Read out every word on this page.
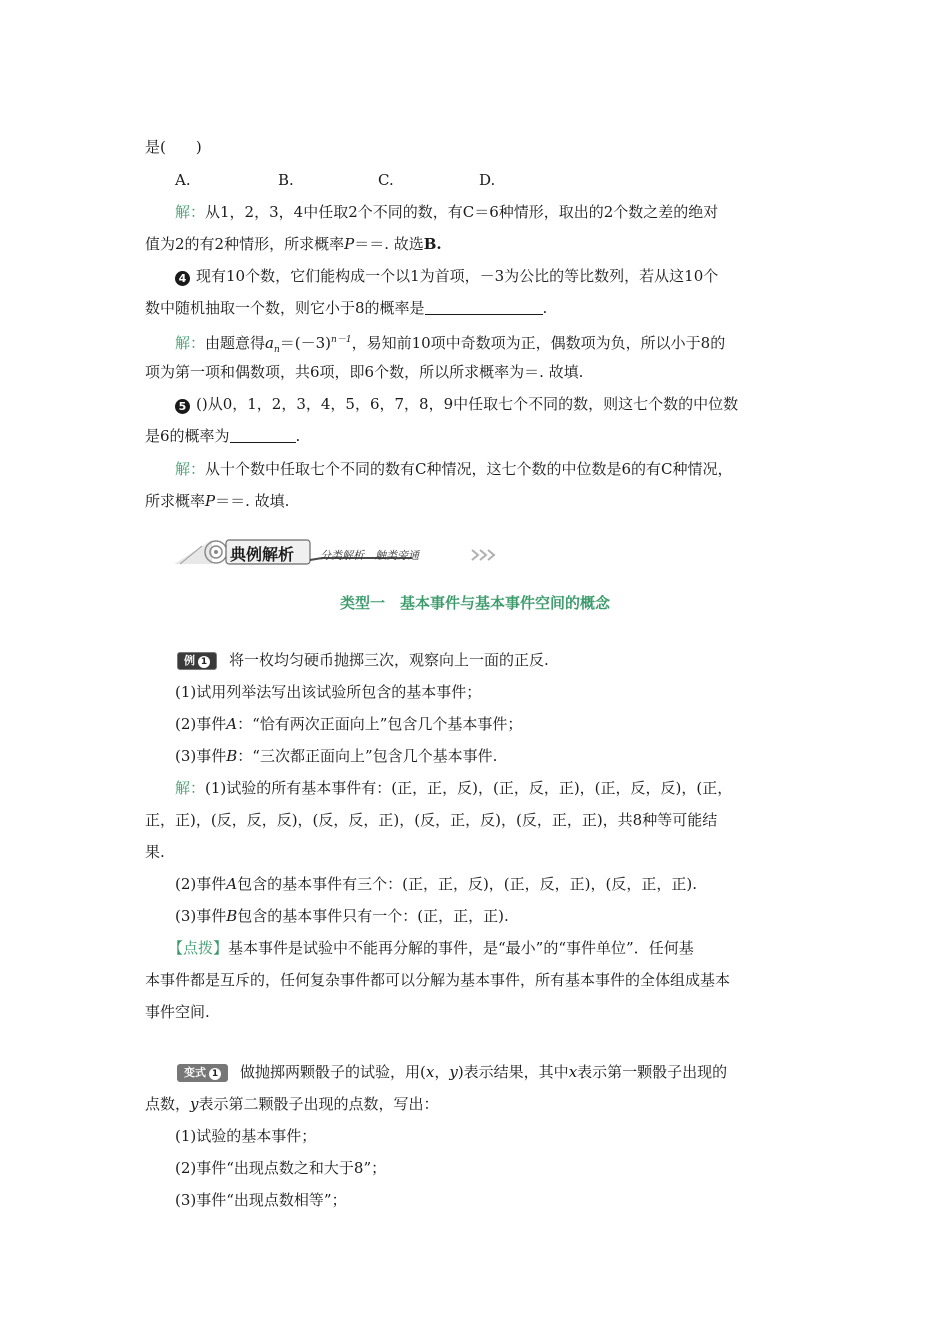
是(　　)
A.	B.	C.	D.
解：从1，2，3，4中任取2个不同的数，有C＝6种情形，取出的2个数之差的绝对
值为2的有2种情形，所求概率P＝＝. 故选B.
4 现有10个数，它们能构成一个以1为首项，－3为公比的等比数列，若从这10个
数中随机抽取一个数，则它小于8的概率是	.
解：由题意得$a_n=(-3)^{n-1}$，易知前10项中奇数项为正，偶数项为负，所以小于8的
项为第一项和偶数项，共6项，即6个数，所以所求概率为＝. 故填.
5 ()从0，1，2，3，4，5，6，7，8，9中任取七个不同的数，则这七个数的中位数
是6的概率为	.
解：从十个数中任取七个不同的数有C种情况，这七个数的中位数是6的有C种情况，
所求概率P＝＝. 故填.
典例解析 分类解析　触类旁通
类型一　基本事件与基本事件空间的概念
例 1 将一枚均匀硬币抛掷三次，观察向上一面的正反.
(1)试用列举法写出该试验所包含的基本事件；
(2)事件A：“恰有两次正面向上”包含几个基本事件；
(3)事件B：“三次都正面向上”包含几个基本事件.
解：(1)试验的所有基本事件有：(正，正，反)，(正，反，正)，(正，反，反)，(正，
正，正)，(反，反，反)，(反，反，正)，(反，正，反)，(反，正，正)，共8种等可能结
果.
(2)事件A包含的基本事件有三个：(正，正，反)，(正，反，正)，(反，正，正).
(3)事件B包含的基本事件只有一个：(正，正，正).
【点拨】基本事件是试验中不能再分解的事件，是“最小”的“事件单位”．任何基
本事件都是互斥的，任何复杂事件都可以分解为基本事件，所有基本事件的全体组成基本
事件空间.
变式 1 做抛掷两颗骰子的试验，用(x，y)表示结果，其中x表示第一颗骰子出现的
点数，y表示第二颗骰子出现的点数，写出：
(1)试验的基本事件；
(2)事件“出现点数之和大于8”；
(3)事件“出现点数相等”；
